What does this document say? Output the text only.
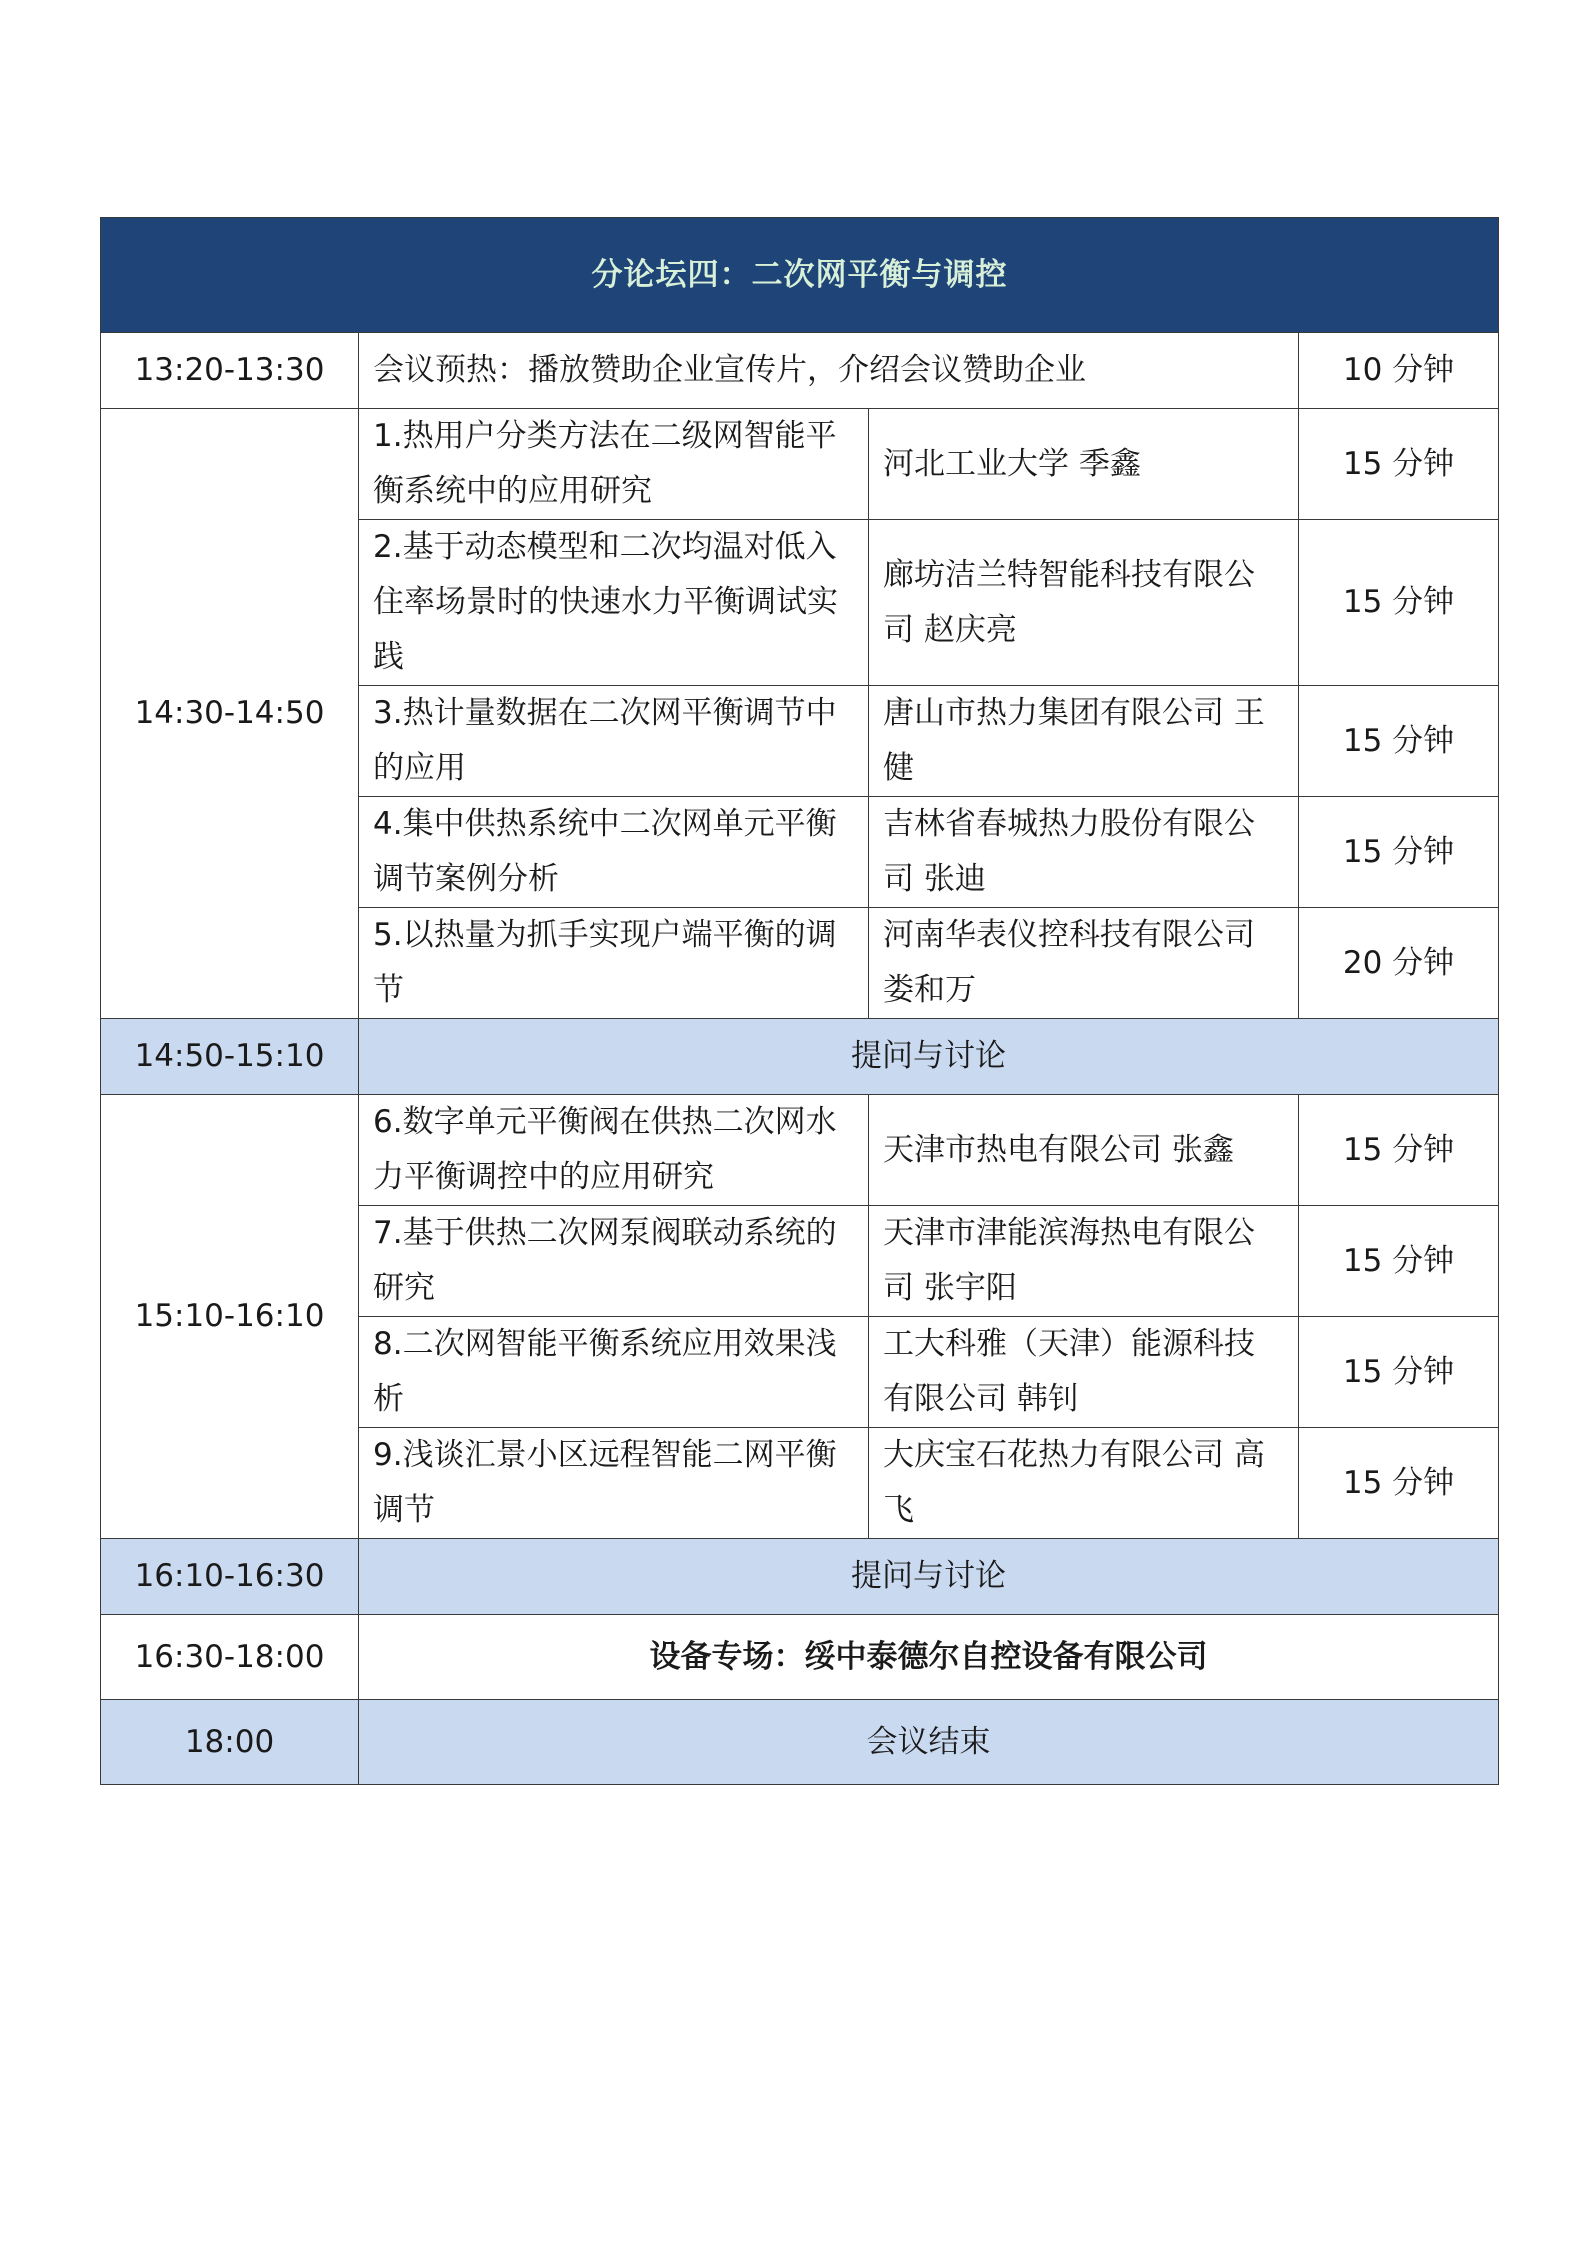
分论坛四：二次网平衡与调控			
13:20-13:30	会议预热：播放赞助企业宣传片，介绍会议赞助企业		10 分钟
14:30-14:50	1.热用户分类方法在二级网智能平衡系统中的应用研究	河北工业大学 季鑫	15 分钟
	2.基于动态模型和二次均温对低入住率场景时的快速水力平衡调试实践	廊坊洁兰特智能科技有限公司 赵庆亮	15 分钟
	3.热计量数据在二次网平衡调节中的应用	唐山市热力集团有限公司 王健	15 分钟
	4.集中供热系统中二次网单元平衡调节案例分析	吉林省春城热力股份有限公司 张迪	15 分钟
	5.以热量为抓手实现户端平衡的调节	河南华表仪控科技有限公司 娄和万	20 分钟
14:50-15:10	提问与讨论		
15:10-16:10	6.数字单元平衡阀在供热二次网水力平衡调控中的应用研究	天津市热电有限公司 张鑫	15 分钟
	7.基于供热二次网泵阀联动系统的研究	天津市津能滨海热电有限公司 张宇阳	15 分钟
	8.二次网智能平衡系统应用效果浅析	工大科雅（天津）能源科技有限公司 韩钊	15 分钟
	9.浅谈汇景小区远程智能二网平衡调节	大庆宝石花热力有限公司 高飞	15 分钟
16:10-16:30	提问与讨论		
16:30-18:00	设备专场：绥中泰德尔自控设备有限公司		
18:00	会议结束		
